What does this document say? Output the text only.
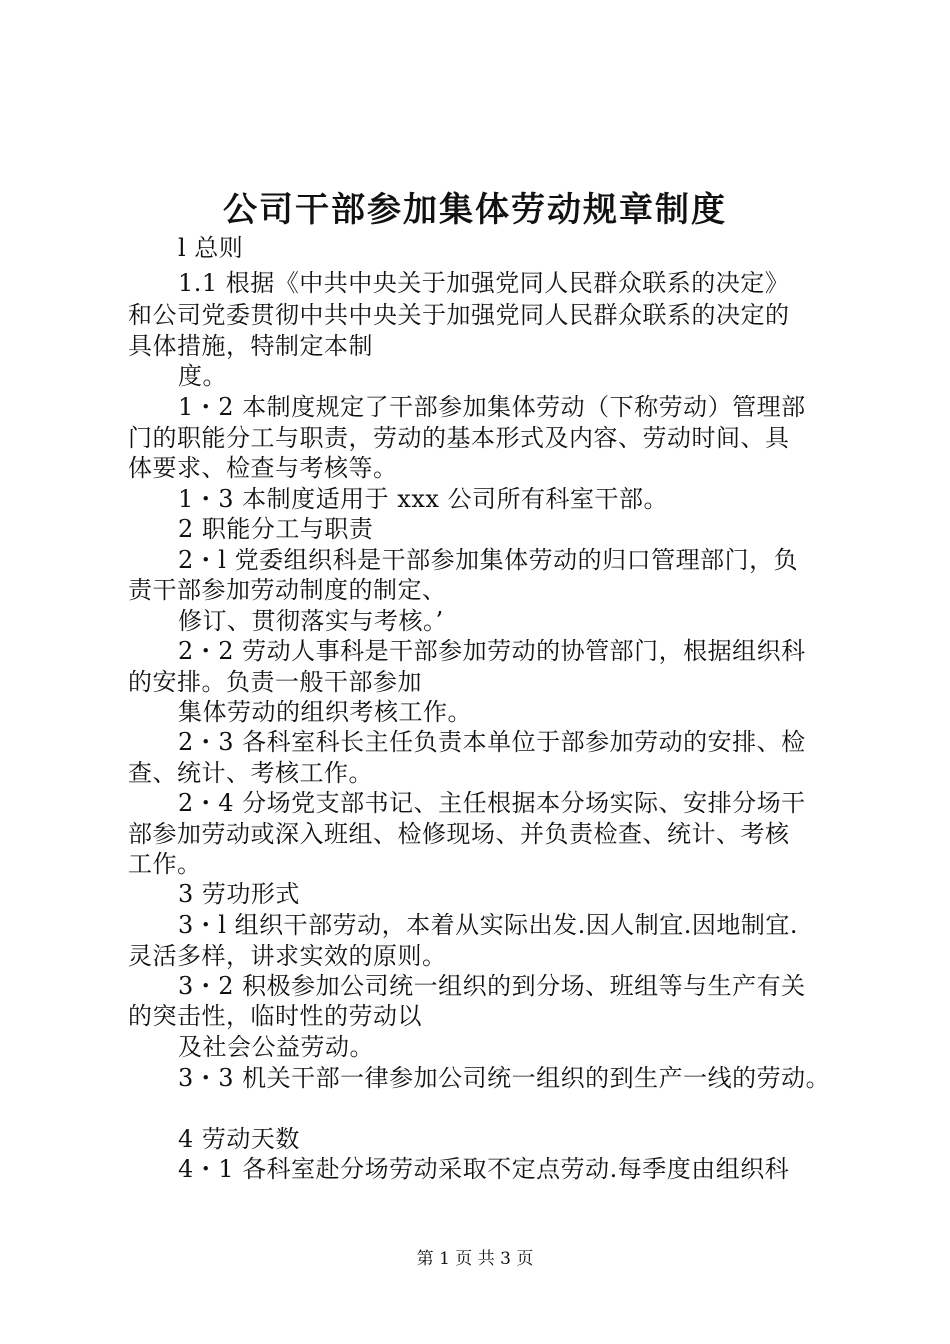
公司干部参加集体劳动规章制度
l 总则
1.1 根据《中共中央关于加强党同人民群众联系的决定》
和公司党委贯彻中共中央关于加强党同人民群众联系的决定的
具体措施，特制定本制
度。
1・2 本制度规定了干部参加集体劳动（下称劳动）管理部
门的职能分工与职责，劳动的基本形式及内容、劳动时间、具
体要求、检查与考核等。
1・3 本制度适用于 xxx 公司所有科室干部。
2 职能分工与职责
2・l 党委组织科是干部参加集体劳动的归口管理部门，负
责干部参加劳动制度的制定、
修订、贯彻落实与考核。’
2・2 劳动人事科是干部参加劳动的协管部门，根据组织科
的安排。负责一般干部参加
集体劳动的组织考核工作。
2・3 各科室科长主任负责本单位于部参加劳动的安排、检
查、统计、考核工作。
2・4 分场党支部书记、主任根据本分场实际、安排分场干
部参加劳动或深入班组、检修现场、并负责检查、统计、考核
工作。
3 劳功形式
3・l 组织干部劳动，本着从实际出发.因人制宜.因地制宜.
灵活多样，讲求实效的原则。
3・2 积极参加公司统一组织的到分场、班组等与生产有关
的突击性，临时性的劳动以
及社会公益劳动。
3・3 机关干部一律参加公司统一组织的到生产一线的劳动。
4 劳动天数
4・1 各科室赴分场劳动采取不定点劳动.每季度由组织科
第 1 页 共 3 页
